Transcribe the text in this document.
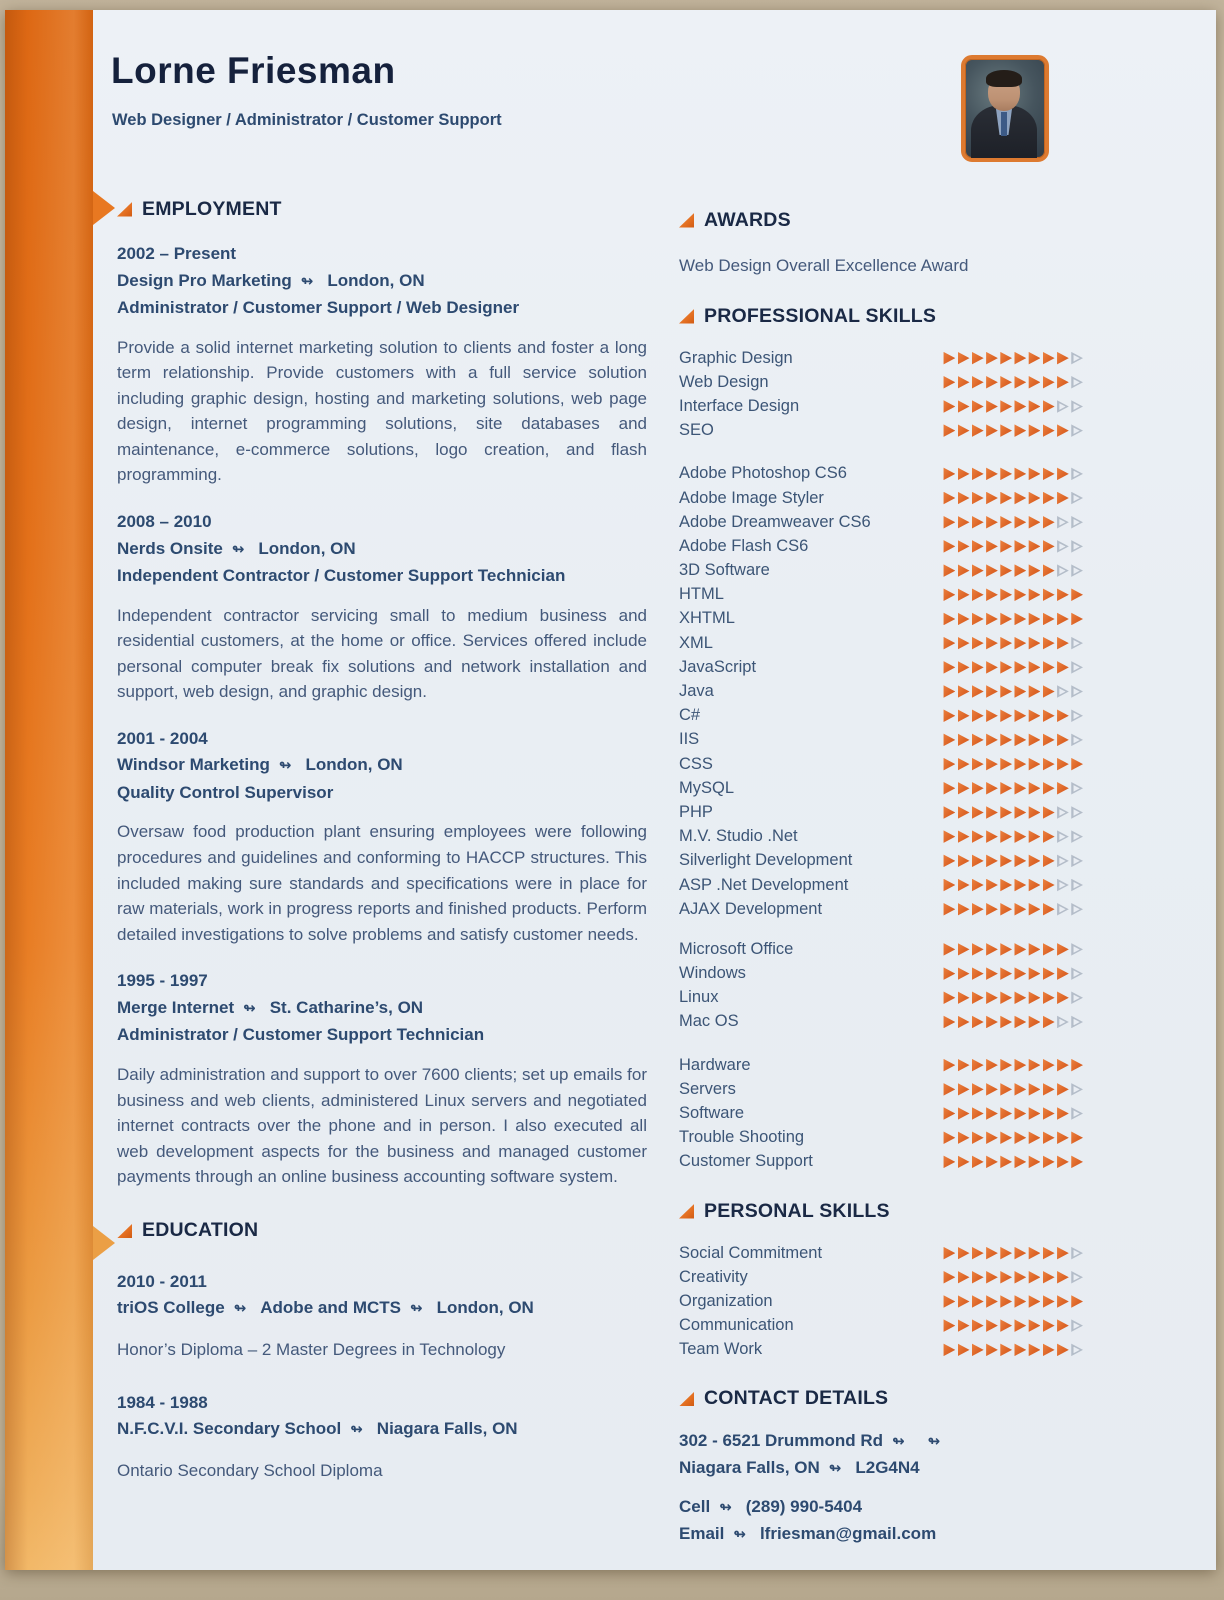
Lorne Friesman
Web Designer / Administrator / Customer Support
EMPLOYMENT
2002 – Present
Design Pro Marketing ↬ London, ON
Administrator / Customer Support / Web Designer

Provide a solid internet marketing solution to clients and foster a long term relationship. Provide customers with a full service solution including graphic design, hosting and marketing solutions, web page design, internet programming solutions, site databases and maintenance, e-commerce solutions, logo creation, and flash programming.

2008 – 2010
Nerds Onsite ↬ London, ON
Independent Contractor / Customer Support Technician

Independent contractor servicing small to medium business and residential customers, at the home or office. Services offered include personal computer break fix solutions and network installation and support, web design, and graphic design.

2001 - 2004
Windsor Marketing ↬ London, ON
Quality Control Supervisor

Oversaw food production plant ensuring employees were following procedures and guidelines and conforming to HACCP structures. This included making sure standards and specifications were in place for raw materials, work in progress reports and finished products. Perform detailed investigations to solve problems and satisfy customer needs.

1995 - 1997
Merge Internet ↬ St. Catharine’s, ON
Administrator / Customer Support Technician

Daily administration and support to over 7600 clients; set up emails for business and web clients, administered Linux servers and negotiated internet contracts over the phone and in person. I also executed all web development aspects for the business and managed customer payments through an online business accounting software system.

EDUCATION
2010 - 2011
triOS College ↬ Adobe and MCTS ↬ London, ON
Honor’s Diploma – 2 Master Degrees in Technology
1984 - 1988
N.F.C.V.I. Secondary School ↬ Niagara Falls, ON
Ontario Secondary School Diploma
AWARDS
Web Design Overall Excellence Award
PROFESSIONAL SKILLS
Graphic Design
Web Design
Interface Design
SEO
Adobe Photoshop CS6
Adobe Image Styler
Adobe Dreamweaver CS6
Adobe Flash CS6
3D Software
HTML
XHTML
XML
JavaScript
Java
C#
IIS
CSS
MySQL
PHP
M.V. Studio .Net
Silverlight Development
ASP .Net Development
AJAX Development
Microsoft Office
Windows
Linux
Mac OS
Hardware
Servers
Software
Trouble Shooting
Customer Support
PERSONAL SKILLS
Social Commitment
Creativity
Organization
Communication
Team Work
CONTACT DETAILS
302 - 6521 Drummond Rd ↬ ↬
Niagara Falls, ON ↬ L2G4N4
Cell ↬ (289) 990-5404
Email ↬ lfriesman@gmail.com
